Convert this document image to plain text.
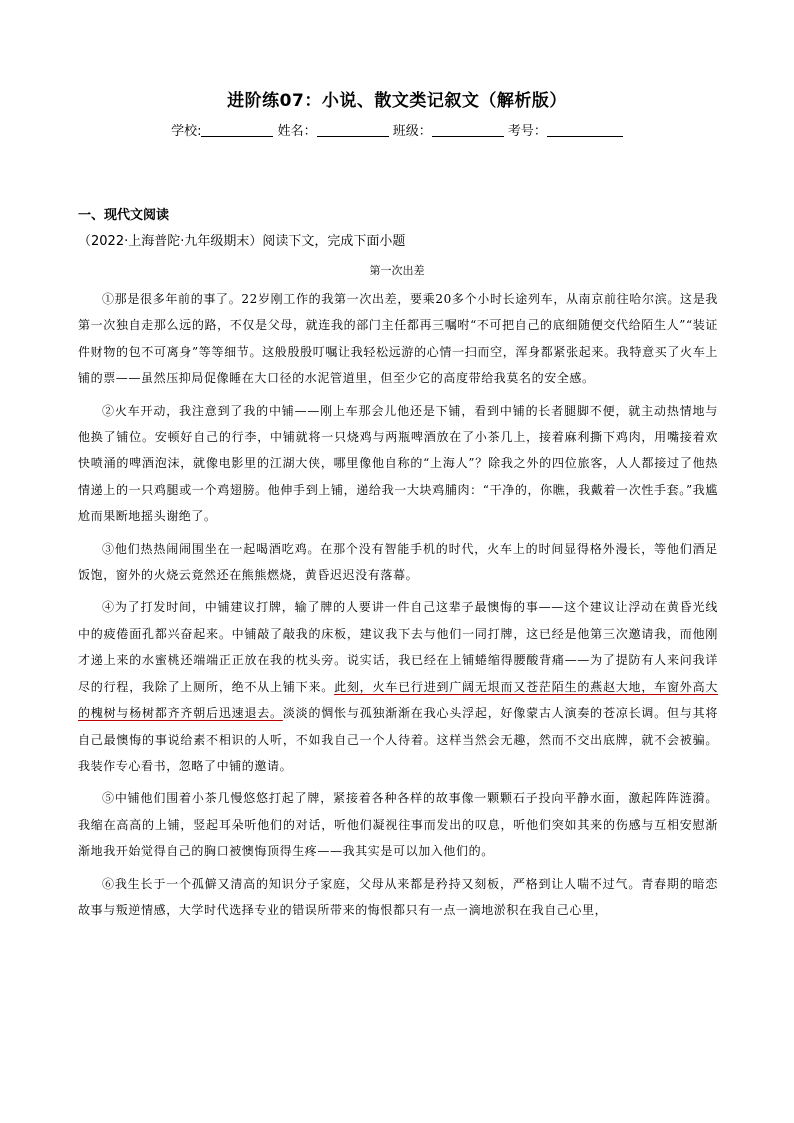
进阶练07：小说、散文类记叙文（解析版）
学校:	姓名：	班级：	考号：
一、现代文阅读
（2022·上海普陀·九年级期末）阅读下文，完成下面小题
第一次出差

①那是很多年前的事了。22岁刚工作的我第一次出差，要乘20多个小时长途列车，从南京前往哈尔滨。这是我第一次独自走那么远的路，不仅是父母，就连我的部门主任都再三嘱咐“不可把自己的底细随便交代给陌生人”“装证件财物的包不可离身”等等细节。这般殷殷叮嘱让我轻松远游的心情一扫而空，浑身都紧张起来。我特意买了火车上铺的票——虽然压抑局促像睡在大口径的水泥管道里，但至少它的高度带给我莫名的安全感。

②火车开动，我注意到了我的中铺——刚上车那会儿他还是下铺，看到中铺的长者腿脚不便，就主动热情地与他换了铺位。安顿好自己的行李，中铺就将一只烧鸡与两瓶啤酒放在了小茶几上，接着麻利撕下鸡肉，用嘴接着欢快喷涌的啤酒泡沫，就像电影里的江湖大侠，哪里像他自称的“上海人”？除我之外的四位旅客，人人都接过了他热情递上的一只鸡腿或一个鸡翅膀。他伸手到上铺，递给我一大块鸡脯肉：“干净的，你瞧，我戴着一次性手套。”我尴尬而果断地摇头谢绝了。

③他们热热闹闹围坐在一起喝酒吃鸡。在那个没有智能手机的时代，火车上的时间显得格外漫长，等他们酒足饭饱，窗外的火烧云竟然还在熊熊燃烧，黄昏迟迟没有落幕。

④为了打发时间，中铺建议打牌，输了牌的人要讲一件自己这辈子最懊悔的事——这个建议让浮动在黄昏光线中的疲倦面孔都兴奋起来。中铺敲了敲我的床板，建议我下去与他们一同打牌，这已经是他第三次邀请我，而他刚才递上来的水蜜桃还端端正正放在我的枕头旁。说实话，我已经在上铺蜷缩得腰酸背痛——为了提防有人来问我详尽的行程，我除了上厕所，绝不从上铺下来。此刻，火车已行进到广阔无垠而又苍茫陌生的燕赵大地，车窗外高大的槐树与杨树都齐齐朝后迅速退去。淡淡的惆怅与孤独渐渐在我心头浮起，好像蒙古人演奏的苍凉长调。但与其将自己最懊悔的事说给素不相识的人听，不如我自己一个人待着。这样当然会无趣，然而不交出底牌，就不会被骗。我装作专心看书，忽略了中铺的邀请。

⑤中铺他们围着小茶几慢悠悠打起了牌，紧接着各种各样的故事像一颗颗石子投向平静水面，激起阵阵涟漪。我缩在高高的上铺，竖起耳朵听他们的对话，听他们凝视往事而发出的叹息，听他们突如其来的伤感与互相安慰渐渐地我开始觉得自己的胸口被懊悔顶得生疼——我其实是可以加入他们的。

⑥我生长于一个孤僻又清高的知识分子家庭，父母从来都是矜持又刻板，严格到让人喘不过气。青春期的暗恋故事与叛逆情感，大学时代选择专业的错误所带来的悔恨都只有一点一滴地淤积在我自己心里，
